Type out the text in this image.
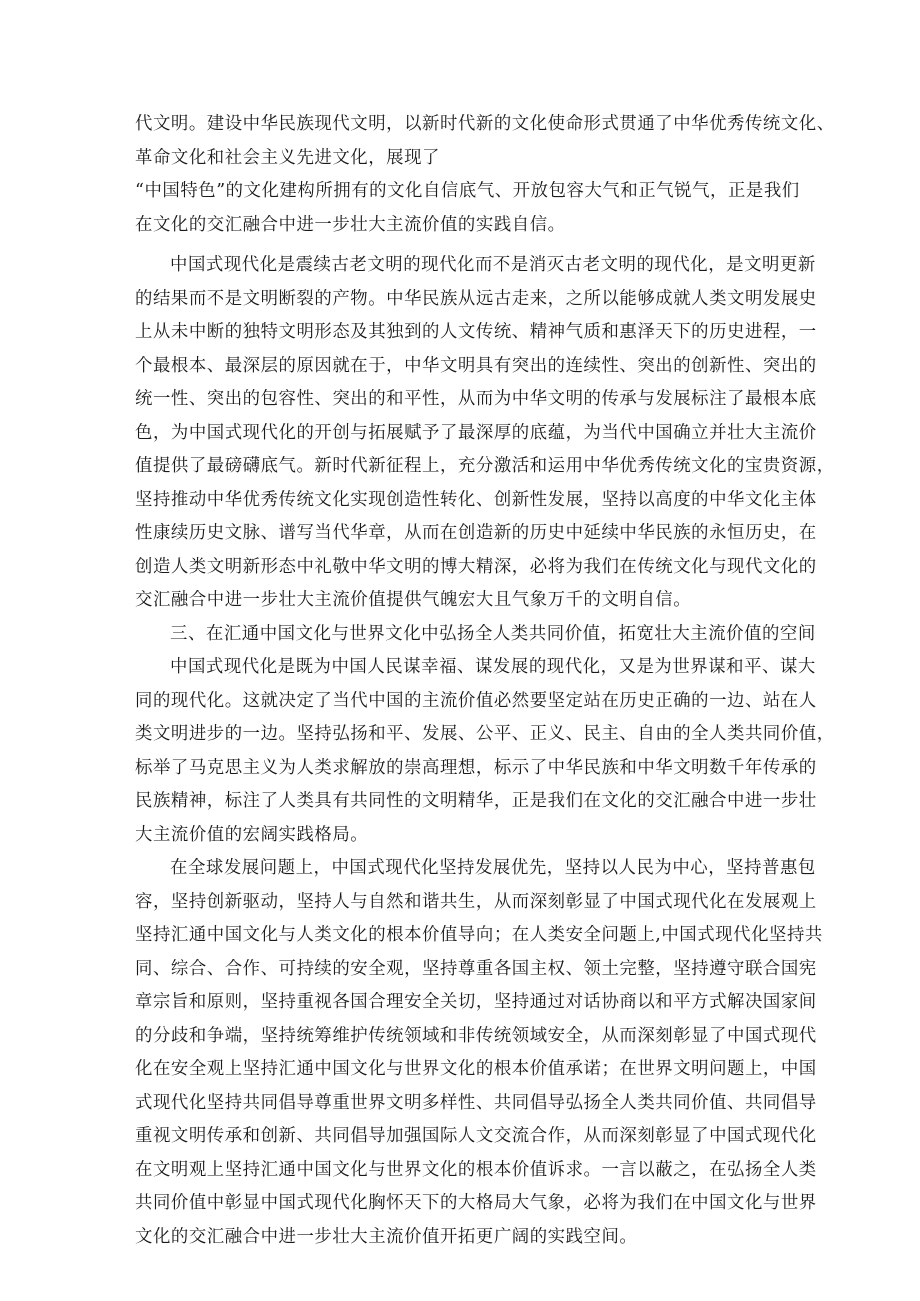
代文明。建设中华民族现代文明，以新时代新的文化使命形式贯通了中华优秀传统文化、
革命文化和社会主义先进文化，展现了
“中国特色”的文化建构所拥有的文化自信底气、开放包容大气和正气锐气，正是我们
在文化的交汇融合中进一步壮大主流价值的实践自信。
中国式现代化是震续古老文明的现代化而不是消灭古老文明的现代化，是文明更新
的结果而不是文明断裂的产物。中华民族从远古走来，之所以能够成就人类文明发展史
上从未中断的独特文明形态及其独到的人文传统、精神气质和惠泽天下的历史进程，一
个最根本、最深层的原因就在于，中华文明具有突出的连续性、突出的创新性、突出的
统一性、突出的包容性、突出的和平性，从而为中华文明的传承与发展标注了最根本底
色，为中国式现代化的开创与拓展赋予了最深厚的底蕴，为当代中国确立并壮大主流价
值提供了最磅礴底气。新时代新征程上，充分激活和运用中华优秀传统文化的宝贵资源，
坚持推动中华优秀传统文化实现创造性转化、创新性发展，坚持以高度的中华文化主体
性康续历史文脉、谱写当代华章，从而在创造新的历史中延续中华民族的永恒历史，在
创造人类文明新形态中礼敬中华文明的博大精深，必将为我们在传统文化与现代文化的
交汇融合中进一步壮大主流价值提供气魄宏大且气象万千的文明自信。
三、在汇通中国文化与世界文化中弘扬全人类共同价值，拓宽壮大主流价值的空间
中国式现代化是既为中国人民谋幸福、谋发展的现代化，又是为世界谋和平、谋大
同的现代化。这就决定了当代中国的主流价值必然要坚定站在历史正确的一边、站在人
类文明进步的一边。坚持弘扬和平、发展、公平、正义、民主、自由的全人类共同价值，
标举了马克思主义为人类求解放的崇高理想，标示了中华民族和中华文明数千年传承的
民族精神，标注了人类具有共同性的文明精华，正是我们在文化的交汇融合中进一步壮
大主流价值的宏阔实践格局。
在全球发展问题上，中国式现代化坚持发展优先，坚持以人民为中心，坚持普惠包
容，坚持创新驱动，坚持人与自然和谐共生，从而深刻彰显了中国式现代化在发展观上
坚持汇通中国文化与人类文化的根本价值导向；在人类安全问题上,中国式现代化坚持共
同、综合、合作、可持续的安全观，坚持尊重各国主权、领土完整，坚持遵守联合国宪
章宗旨和原则，坚持重视各国合理安全关切，坚持通过对话协商以和平方式解决国家间
的分歧和争端，坚持统筹维护传统领域和非传统领域安全，从而深刻彰显了中国式现代
化在安全观上坚持汇通中国文化与世界文化的根本价值承诺；在世界文明问题上，中国
式现代化坚持共同倡导尊重世界文明多样性、共同倡导弘扬全人类共同价值、共同倡导
重视文明传承和创新、共同倡导加强国际人文交流合作，从而深刻彰显了中国式现代化
在文明观上坚持汇通中国文化与世界文化的根本价值诉求。一言以蔽之，在弘扬全人类
共同价值中彰显中国式现代化胸怀天下的大格局大气象，必将为我们在中国文化与世界
文化的交汇融合中进一步壮大主流价值开拓更广阔的实践空间。
